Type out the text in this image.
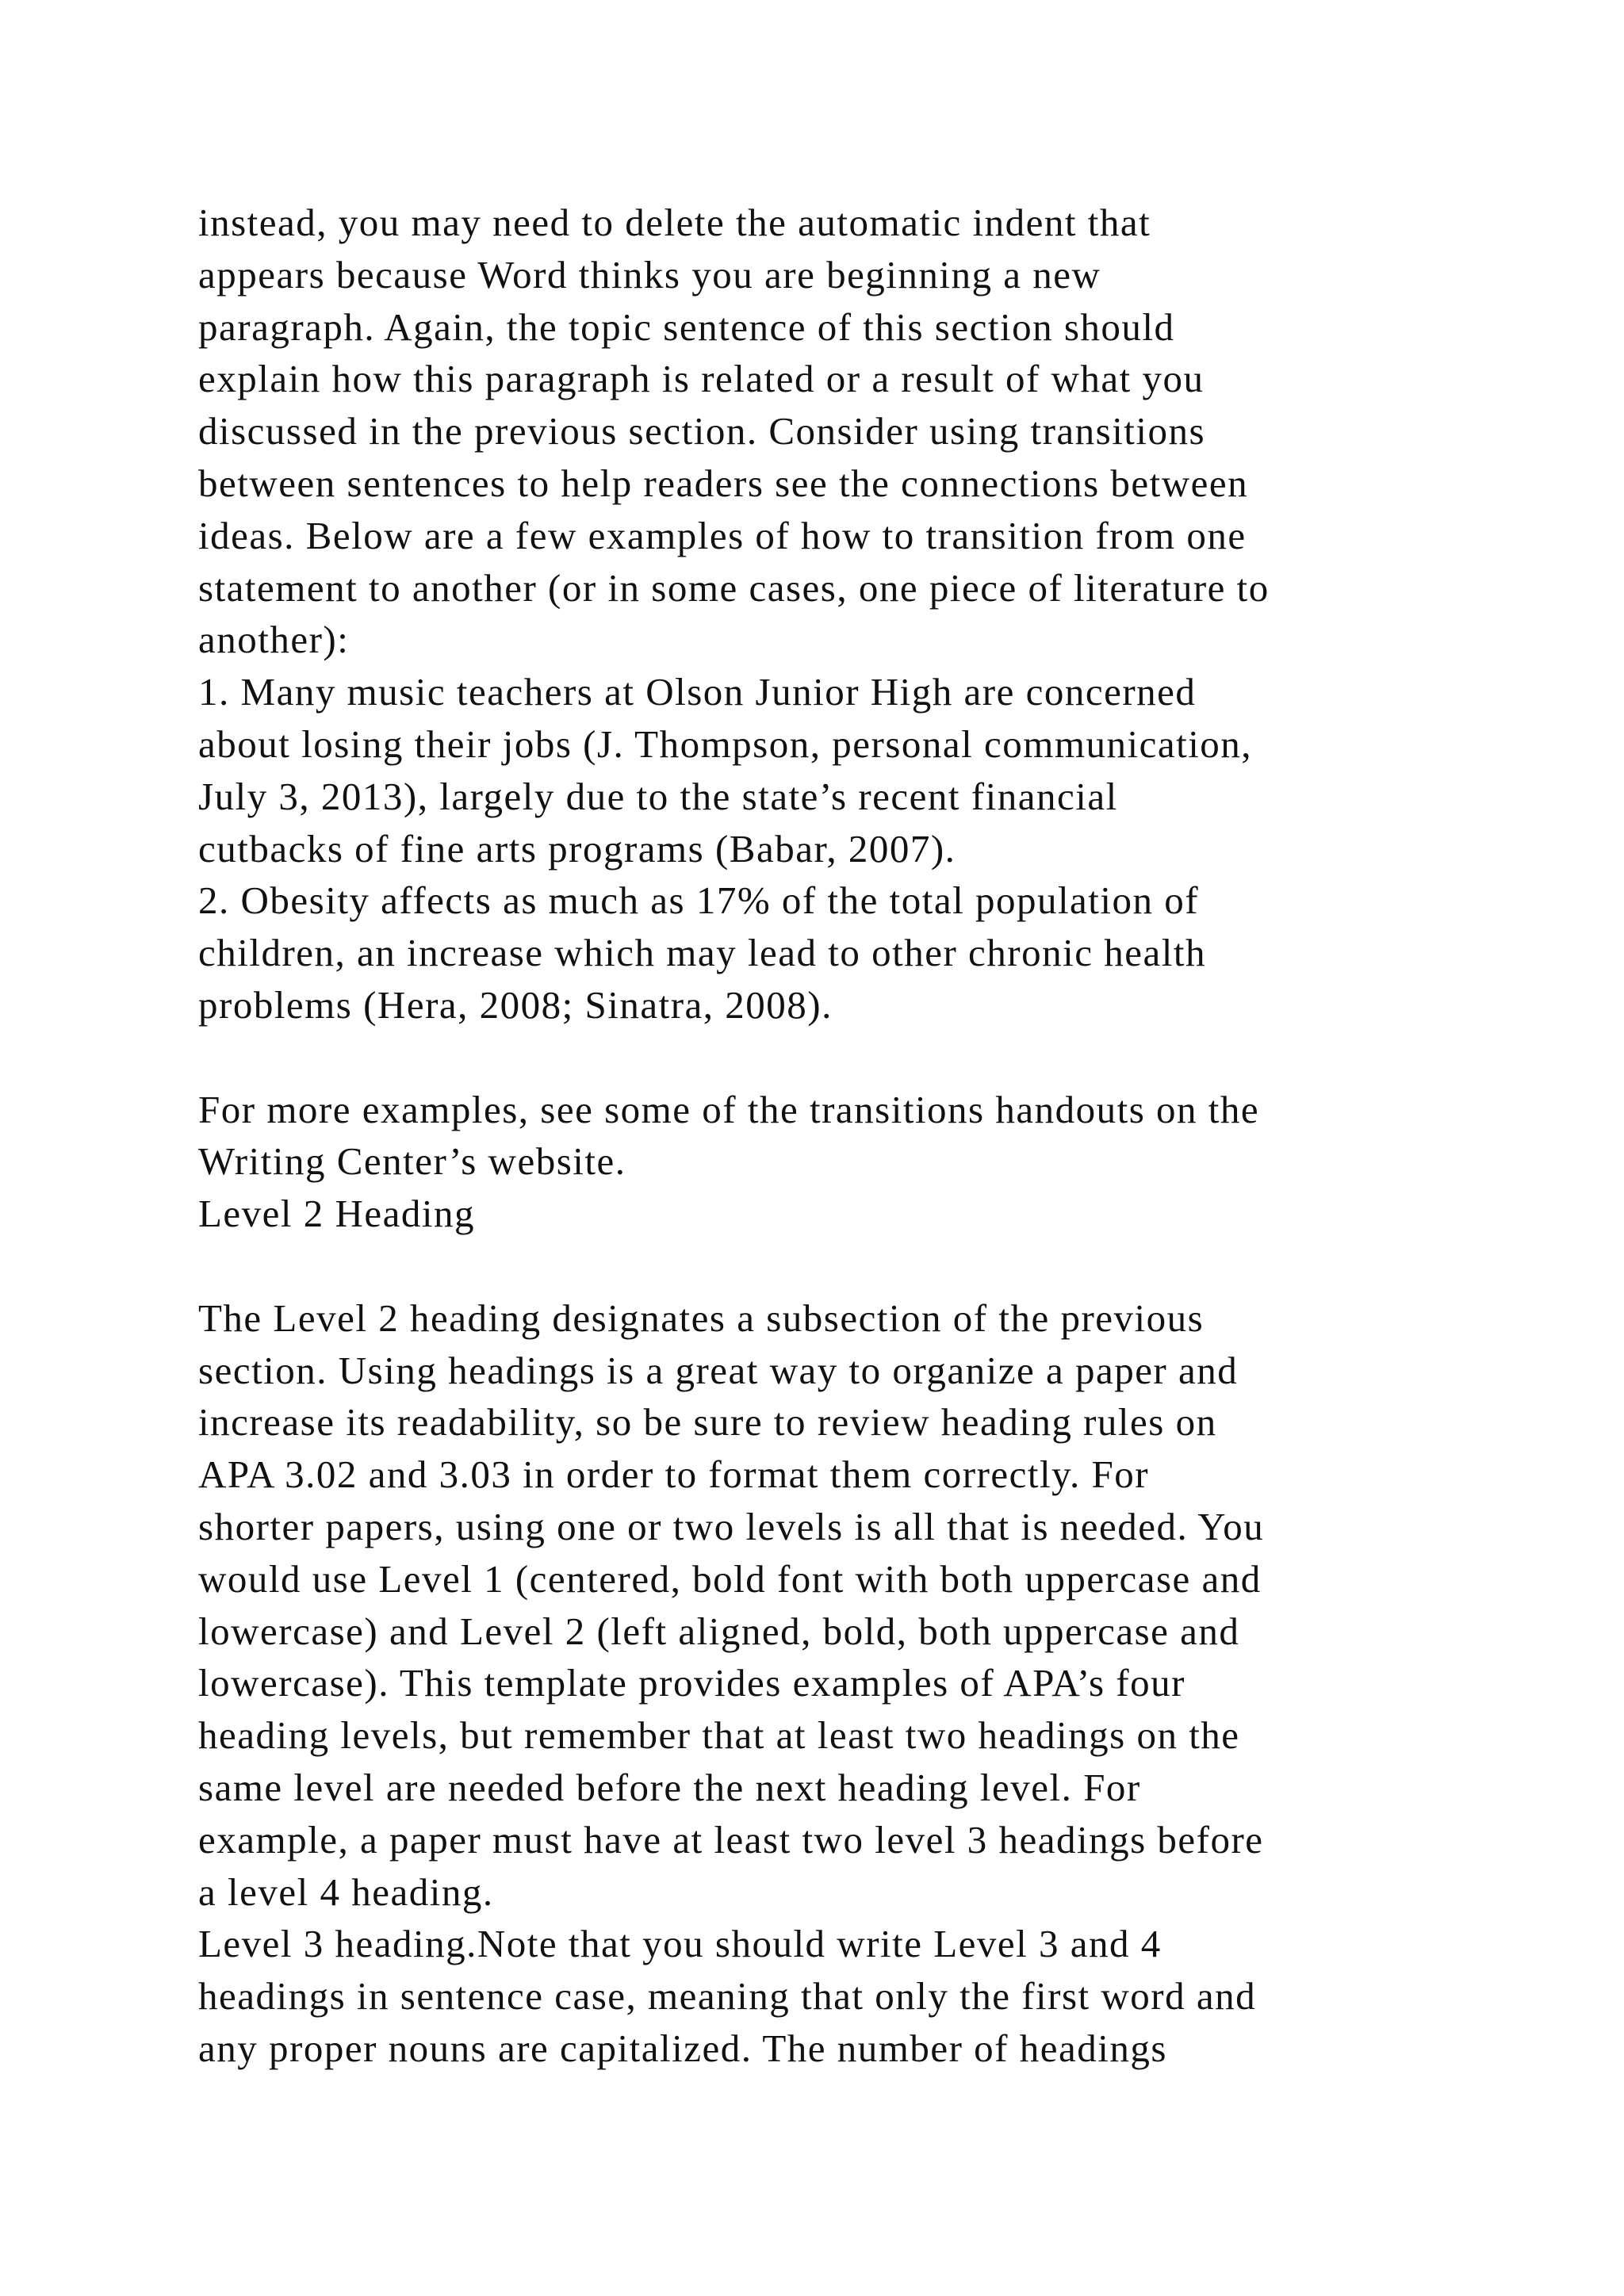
instead, you may need to delete the automatic indent that
appears because Word thinks you are beginning a new
paragraph. Again, the topic sentence of this section should
explain how this paragraph is related or a result of what you
discussed in the previous section. Consider using transitions
between sentences to help readers see the connections between
ideas. Below are a few examples of how to transition from one
statement to another (or in some cases, one piece of literature to
another):
1. Many music teachers at Olson Junior High are concerned
about losing their jobs (J. Thompson, personal communication,
July 3, 2013), largely due to the state’s recent financial
cutbacks of fine arts programs (Babar, 2007).
2. Obesity affects as much as 17% of the total population of
children, an increase which may lead to other chronic health
problems (Hera, 2008; Sinatra, 2008).
For more examples, see some of the transitions handouts on the
Writing Center’s website.
Level 2 Heading
The Level 2 heading designates a subsection of the previous
section. Using headings is a great way to organize a paper and
increase its readability, so be sure to review heading rules on
APA 3.02 and 3.03 in order to format them correctly. For
shorter papers, using one or two levels is all that is needed. You
would use Level 1 (centered, bold font with both uppercase and
lowercase) and Level 2 (left aligned, bold, both uppercase and
lowercase). This template provides examples of APA’s four
heading levels, but remember that at least two headings on the
same level are needed before the next heading level. For
example, a paper must have at least two level 3 headings before
a level 4 heading.
Level 3 heading.Note that you should write Level 3 and 4
headings in sentence case, meaning that only the first word and
any proper nouns are capitalized. The number of headings
